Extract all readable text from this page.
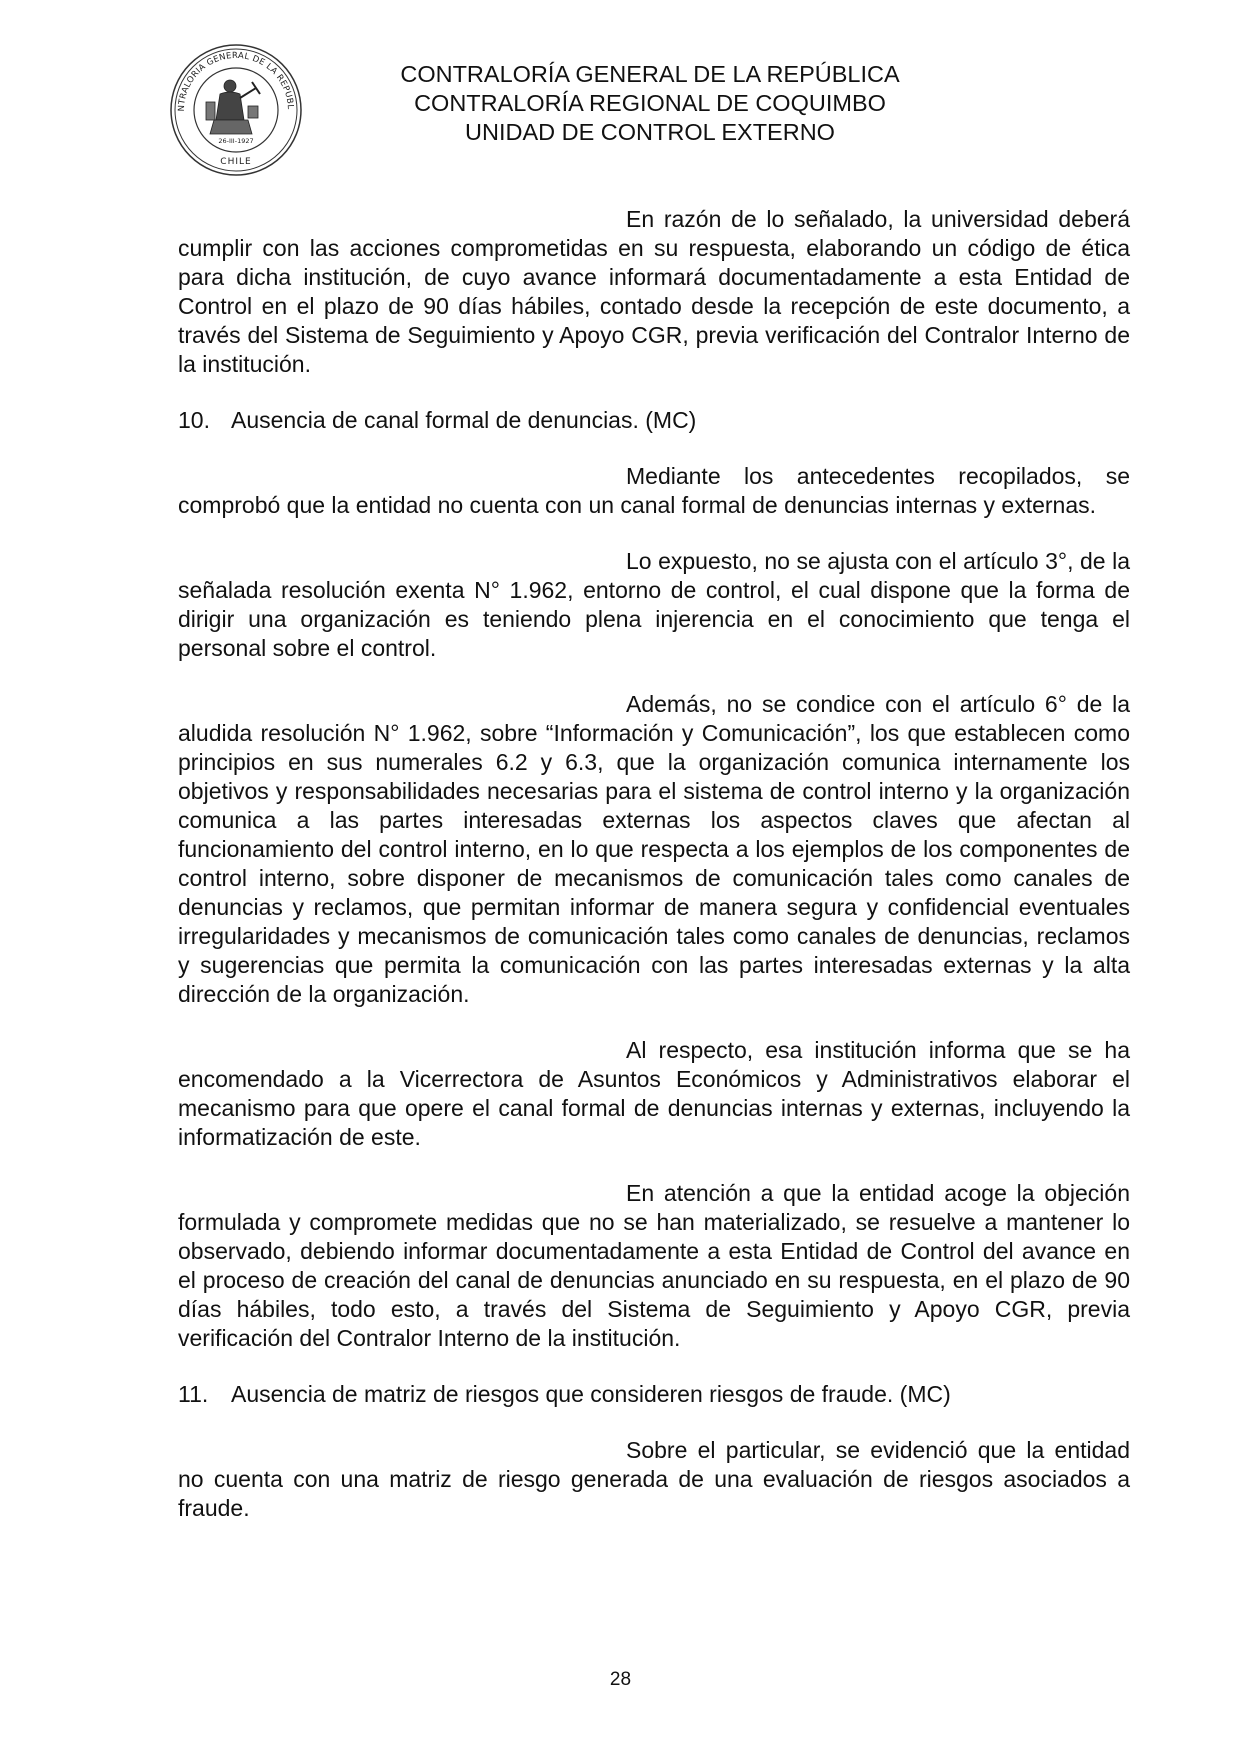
NTRALORIA GENERAL DE LA REPUBL
26-III-1927
CHILE
CONTRALORÍA GENERAL DE LA REPÚBLICA
CONTRALORÍA REGIONAL DE COQUIMBO
UNIDAD DE CONTROL EXTERNO

En razón de lo señalado, la universidad deberá cumplir con las acciones comprometidas en su respuesta, elaborando un código de ética para dicha institución, de cuyo avance informará documentadamente a esta Entidad de Control en el plazo de 90 días hábiles, contado desde la recepción de este documento, a través del Sistema de Seguimiento y Apoyo CGR, previa verificación del Contralor Interno de la institución.

10. Ausencia de canal formal de denuncias. (MC)

Mediante los antecedentes recopilados, se comprobó que la entidad no cuenta con un canal formal de denuncias internas y externas.

Lo expuesto, no se ajusta con el artículo 3°, de la señalada resolución exenta N° 1.962, entorno de control, el cual dispone que la forma de dirigir una organización es teniendo plena injerencia en el conocimiento que tenga el personal sobre el control.

Además, no se condice con el artículo 6° de la aludida resolución N° 1.962, sobre “Información y Comunicación”, los que establecen como principios en sus numerales 6.2 y 6.3, que la organización comunica internamente los objetivos y responsabilidades necesarias para el sistema de control interno y la organización comunica a las partes interesadas externas los aspectos claves que afectan al funcionamiento del control interno, en lo que respecta a los ejemplos de los componentes de control interno, sobre disponer de mecanismos de comunicación tales como canales de denuncias y reclamos, que permitan informar de manera segura y confidencial eventuales irregularidades y mecanismos de comunicación tales como canales de denuncias, reclamos y sugerencias que permita la comunicación con las partes interesadas externas y la alta dirección de la organización.

Al respecto, esa institución informa que se ha encomendado a la Vicerrectora de Asuntos Económicos y Administrativos elaborar el mecanismo para que opere el canal formal de denuncias internas y externas, incluyendo la informatización de este.

En atención a que la entidad acoge la objeción formulada y compromete medidas que no se han materializado, se resuelve a mantener lo observado, debiendo informar documentadamente a esta Entidad de Control del avance en el proceso de creación del canal de denuncias anunciado en su respuesta, en el plazo de 90 días hábiles, todo esto, a través del Sistema de Seguimiento y Apoyo CGR, previa verificación del Contralor Interno de la institución.

11. Ausencia de matriz de riesgos que consideren riesgos de fraude. (MC)

Sobre el particular, se evidenció que la entidad no cuenta con una matriz de riesgo generada de una evaluación de riesgos asociados a fraude.

28
